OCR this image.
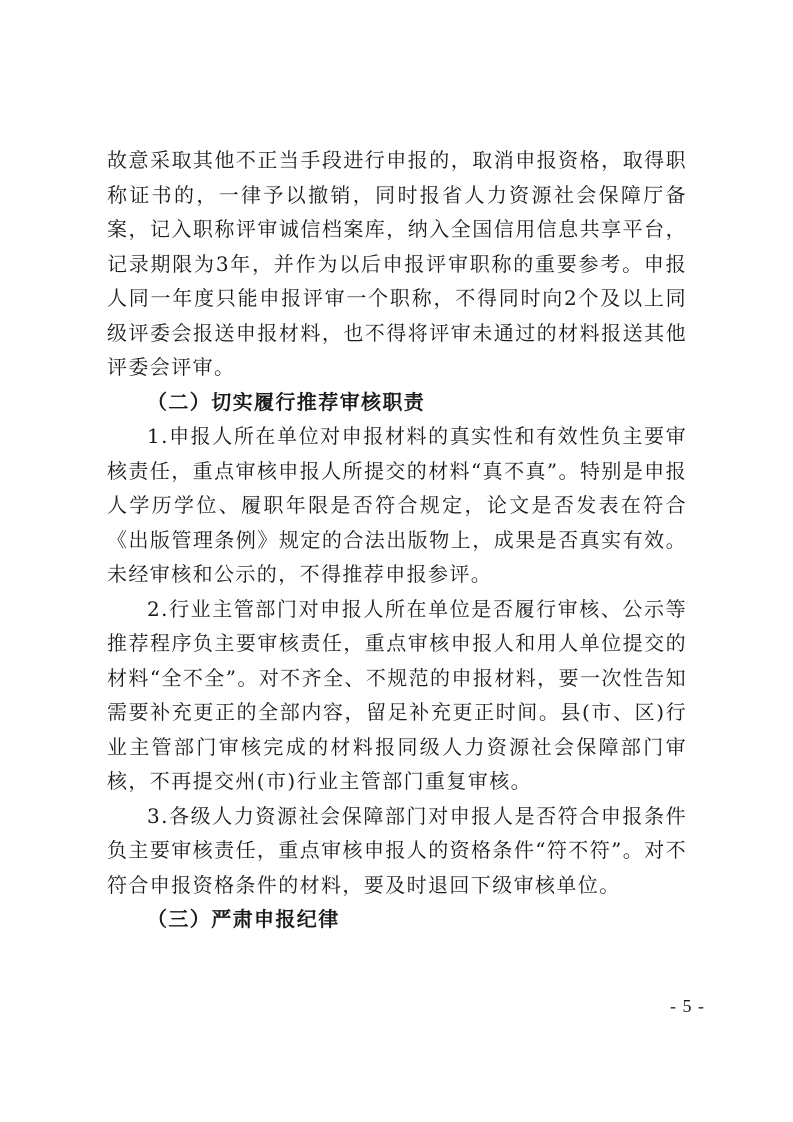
故意采取其他不正当手段进行申报的，取消申报资格，取得职称证书的，一律予以撤销，同时报省人力资源社会保障厅备案，记入职称评审诚信档案库，纳入全国信用信息共享平台，记录期限为3年，并作为以后申报评审职称的重要参考。申报人同一年度只能申报评审一个职称，不得同时向2个及以上同级评委会报送申报材料，也不得将评审未通过的材料报送其他评委会评审。

（二）切实履行推荐审核职责

1.申报人所在单位对申报材料的真实性和有效性负主要审核责任，重点审核申报人所提交的材料“真不真”。特别是申报人学历学位、履职年限是否符合规定，论文是否发表在符合《出版管理条例》规定的合法出版物上，成果是否真实有效。未经审核和公示的，不得推荐申报参评。

2.行业主管部门对申报人所在单位是否履行审核、公示等推荐程序负主要审核责任，重点审核申报人和用人单位提交的材料“全不全”。对不齐全、不规范的申报材料，要一次性告知需要补充更正的全部内容，留足补充更正时间。县(市、区)行业主管部门审核完成的材料报同级人力资源社会保障部门审核，不再提交州(市)行业主管部门重复审核。

3.各级人力资源社会保障部门对申报人是否符合申报条件负主要审核责任，重点审核申报人的资格条件“符不符”。对不符合申报资格条件的材料，要及时退回下级审核单位。

（三）严肃申报纪律

- 5 -
